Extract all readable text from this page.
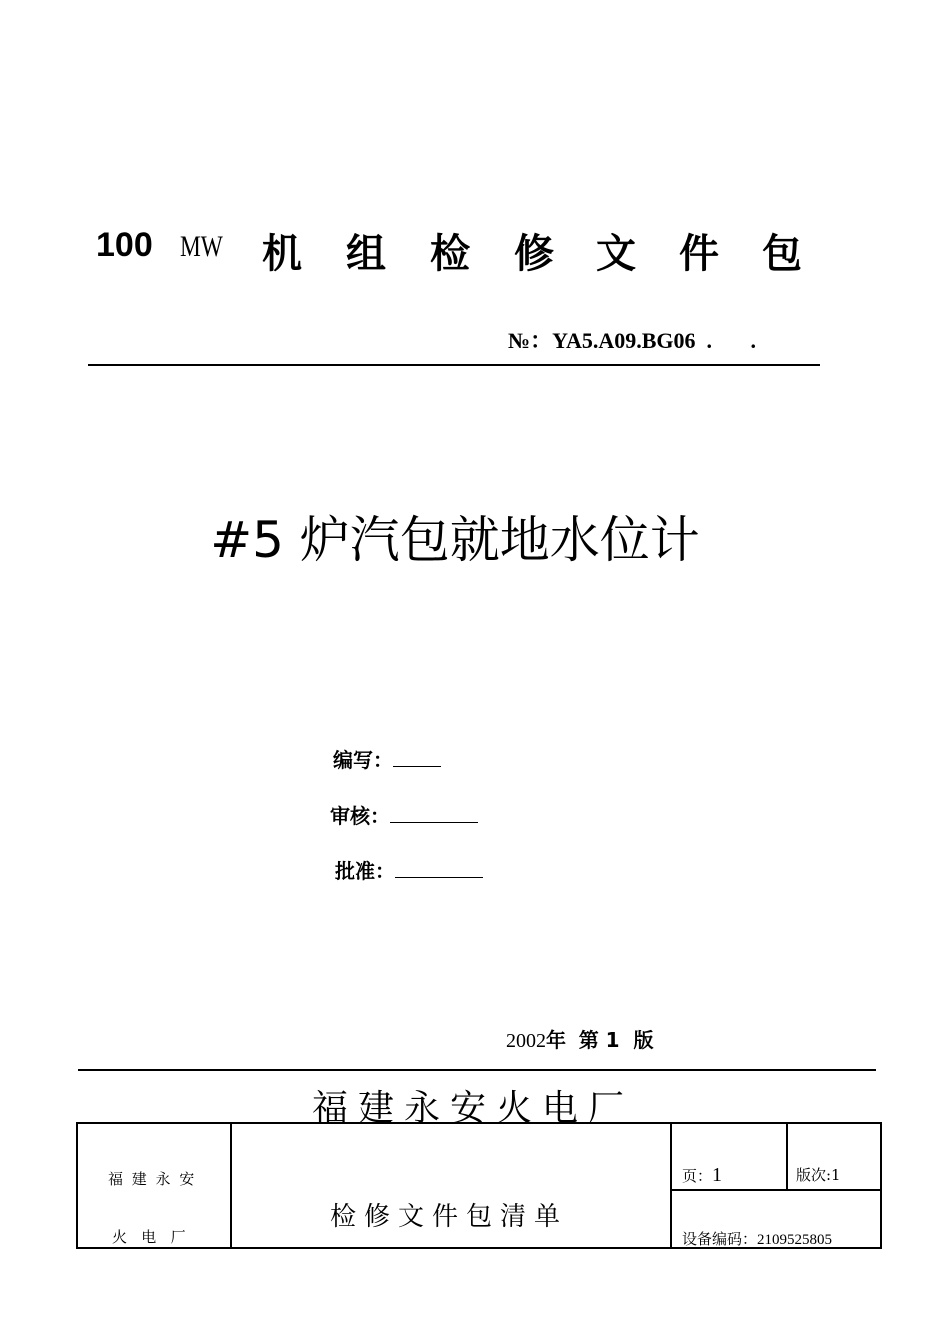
100 MW 机 组 检 修 文 件 包
№：YA5.A09.BG06  .       .
#5 炉汽包就地水位计
编写：
审核：
批准：
2002年 第 1  版
福建永安火电厂
福 建 永 安
火   电   厂
检修文件包清单
页：1	版次:1
设备编码：2109525805
